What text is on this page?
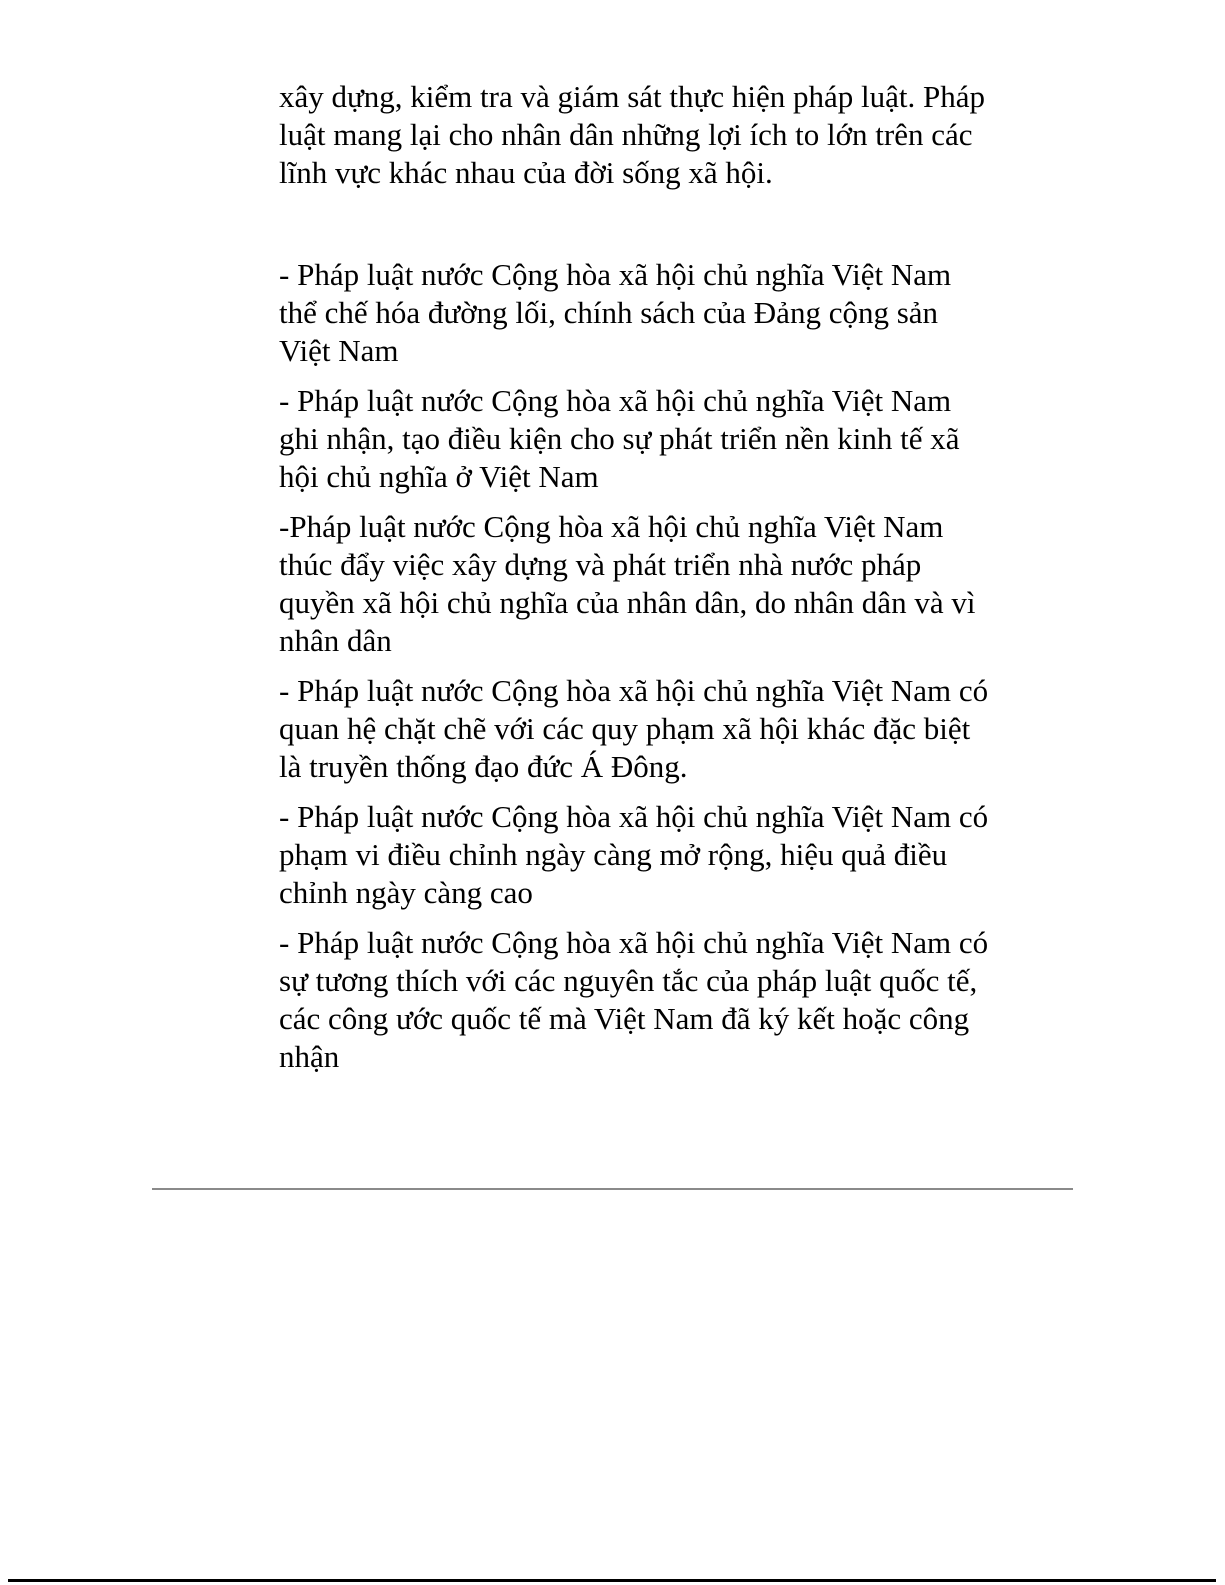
xây dựng, kiểm tra và giám sát thực hiện pháp luật. Pháp luật mang lại cho nhân dân những lợi ích to lớn trên các lĩnh vực khác nhau của đời sống xã hội.

- Pháp luật nước Cộng hòa xã hội chủ nghĩa Việt Nam thể chế hóa đường lối, chính sách của Đảng cộng sản Việt Nam

- Pháp luật nước Cộng hòa xã hội chủ nghĩa Việt Nam ghi nhận, tạo điều kiện cho sự phát triển nền kinh tế xã hội chủ nghĩa ở Việt Nam

-Pháp luật nước Cộng hòa xã hội chủ nghĩa Việt Nam thúc đẩy việc xây dựng và phát triển nhà nước pháp quyền xã hội chủ nghĩa của nhân dân, do nhân dân và vì nhân dân

- Pháp luật nước Cộng hòa xã hội chủ nghĩa Việt Nam có quan hệ chặt chẽ với các quy phạm xã hội khác đặc biệt là truyền thống đạo đức Á Đông.

- Pháp luật nước Cộng hòa xã hội chủ nghĩa Việt Nam có phạm vi điều chỉnh ngày càng mở rộng, hiệu quả điều chỉnh ngày càng cao

- Pháp luật nước Cộng hòa xã hội chủ nghĩa Việt Nam có sự tương thích với các nguyên tắc của pháp luật quốc tế, các công ước quốc tế mà Việt Nam đã ký kết hoặc công nhận
